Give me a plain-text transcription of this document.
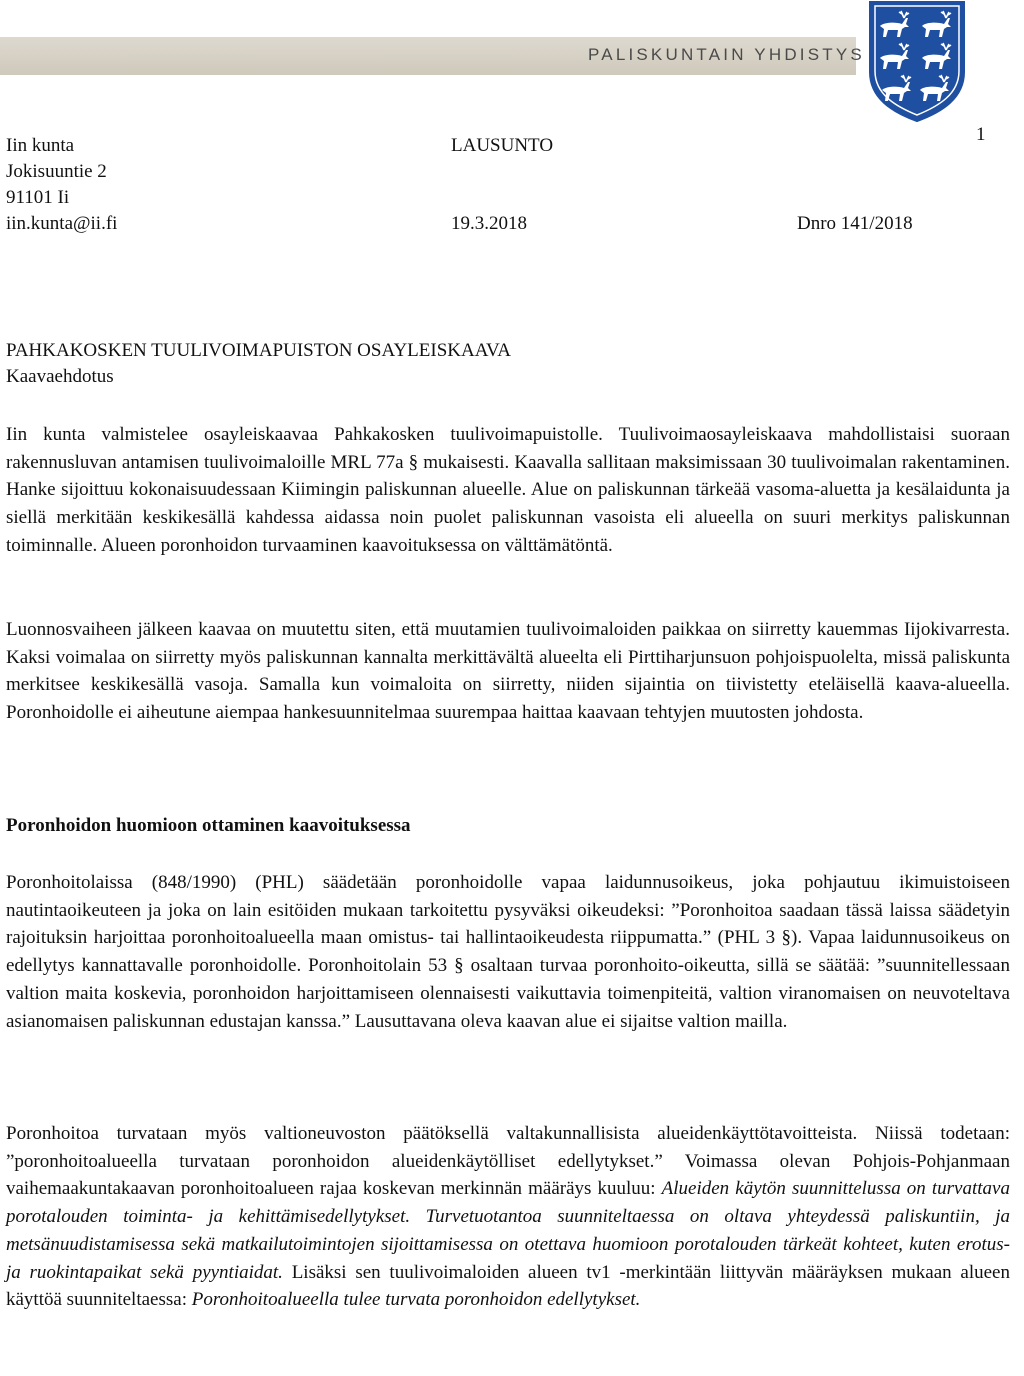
PALISKUNTAIN YHDISTYS
1
Iin kunta
Jokisuuntie 2
91101 Ii
iin.kunta@ii.fi
LAUSUNTO
19.3.2018	Dnro 141/2018
PAHKAKOSKEN TUULIVOIMAPUISTON OSAYLEISKAAVA
Kaavaehdotus

Iin kunta valmistelee osayleiskaavaa Pahkakosken tuulivoimapuistolle. Tuulivoimaosayleiskaava mahdollistaisi suoraan rakennusluvan antamisen tuulivoimaloille MRL 77a § mukaisesti. Kaavalla sallitaan maksimissaan 30 tuulivoimalan rakentaminen. Hanke sijoittuu kokonaisuudessaan Kiimingin paliskunnan alueelle. Alue on paliskunnan tärkeää vasoma-aluetta ja kesälaidunta ja siellä merkitään keskikesällä kahdessa aidassa noin puolet paliskunnan vasoista eli alueella on suuri merkitys paliskunnan toiminnalle. Alueen poronhoidon turvaaminen kaavoituksessa on välttämätöntä.

Luonnosvaiheen jälkeen kaavaa on muutettu siten, että muutamien tuulivoimaloiden paikkaa on siirretty kauemmas Iijokivarresta. Kaksi voimalaa on siirretty myös paliskunnan kannalta merkittävältä alueelta eli Pirttiharjunsuon pohjoispuolelta, missä paliskunta merkitsee keskikesällä vasoja. Samalla kun voimaloita on siirretty, niiden sijaintia on tiivistetty eteläisellä kaava-alueella. Poronhoidolle ei aiheutune aiempaa hankesuunnitelmaa suurempaa haittaa kaavaan tehtyjen muutosten johdosta.

Poronhoidon huomioon ottaminen kaavoituksessa

Poronhoitolaissa (848/1990) (PHL) säädetään poronhoidolle vapaa laidunnusoikeus, joka pohjautuu ikimuistoiseen nautintaoikeuteen ja joka on lain esitöiden mukaan tarkoitettu pysyväksi oikeudeksi: ”Poronhoitoa saadaan tässä laissa säädetyin rajoituksin harjoittaa poronhoitoalueella maan omistus- tai hallintaoikeudesta riippumatta.” (PHL 3 §). Vapaa laidunnusoikeus on edellytys kannattavalle poronhoidolle. Poronhoitolain 53 § osaltaan turvaa poronhoito-oikeutta, sillä se säätää: ”suunnitellessaan valtion maita koskevia, poronhoidon harjoittamiseen olennaisesti vaikuttavia toimenpiteitä, valtion viranomaisen on neuvoteltava asianomaisen paliskunnan edustajan kanssa.” Lausuttavana oleva kaavan alue ei sijaitse valtion mailla.

Poronhoitoa turvataan myös valtioneuvoston päätöksellä valtakunnallisista alueidenkäyttötavoitteista. Niissä todetaan: ”poronhoitoalueella turvataan poronhoidon alueidenkäytölliset edellytykset.” Voimassa olevan Pohjois-Pohjanmaan vaihemaakuntakaavan poronhoitoalueen rajaa koskevan merkinnän määräys kuuluu: Alueiden käytön suunnittelussa on turvattava porotalouden toiminta- ja kehittämisedellytykset. Turvetuotantoa suunniteltaessa on oltava yhteydessä paliskuntiin, ja metsänuudistamisessa sekä matkailutoimintojen sijoittamisessa on otettava huomioon porotalouden tärkeät kohteet, kuten erotus- ja ruokintapaikat sekä pyyntiaidat. Lisäksi sen tuulivoimaloiden alueen tv1 -merkintään liittyvän määräyksen mukaan alueen käyttöä suunniteltaessa: Poronhoitoalueella tulee turvata poronhoidon edellytykset.
